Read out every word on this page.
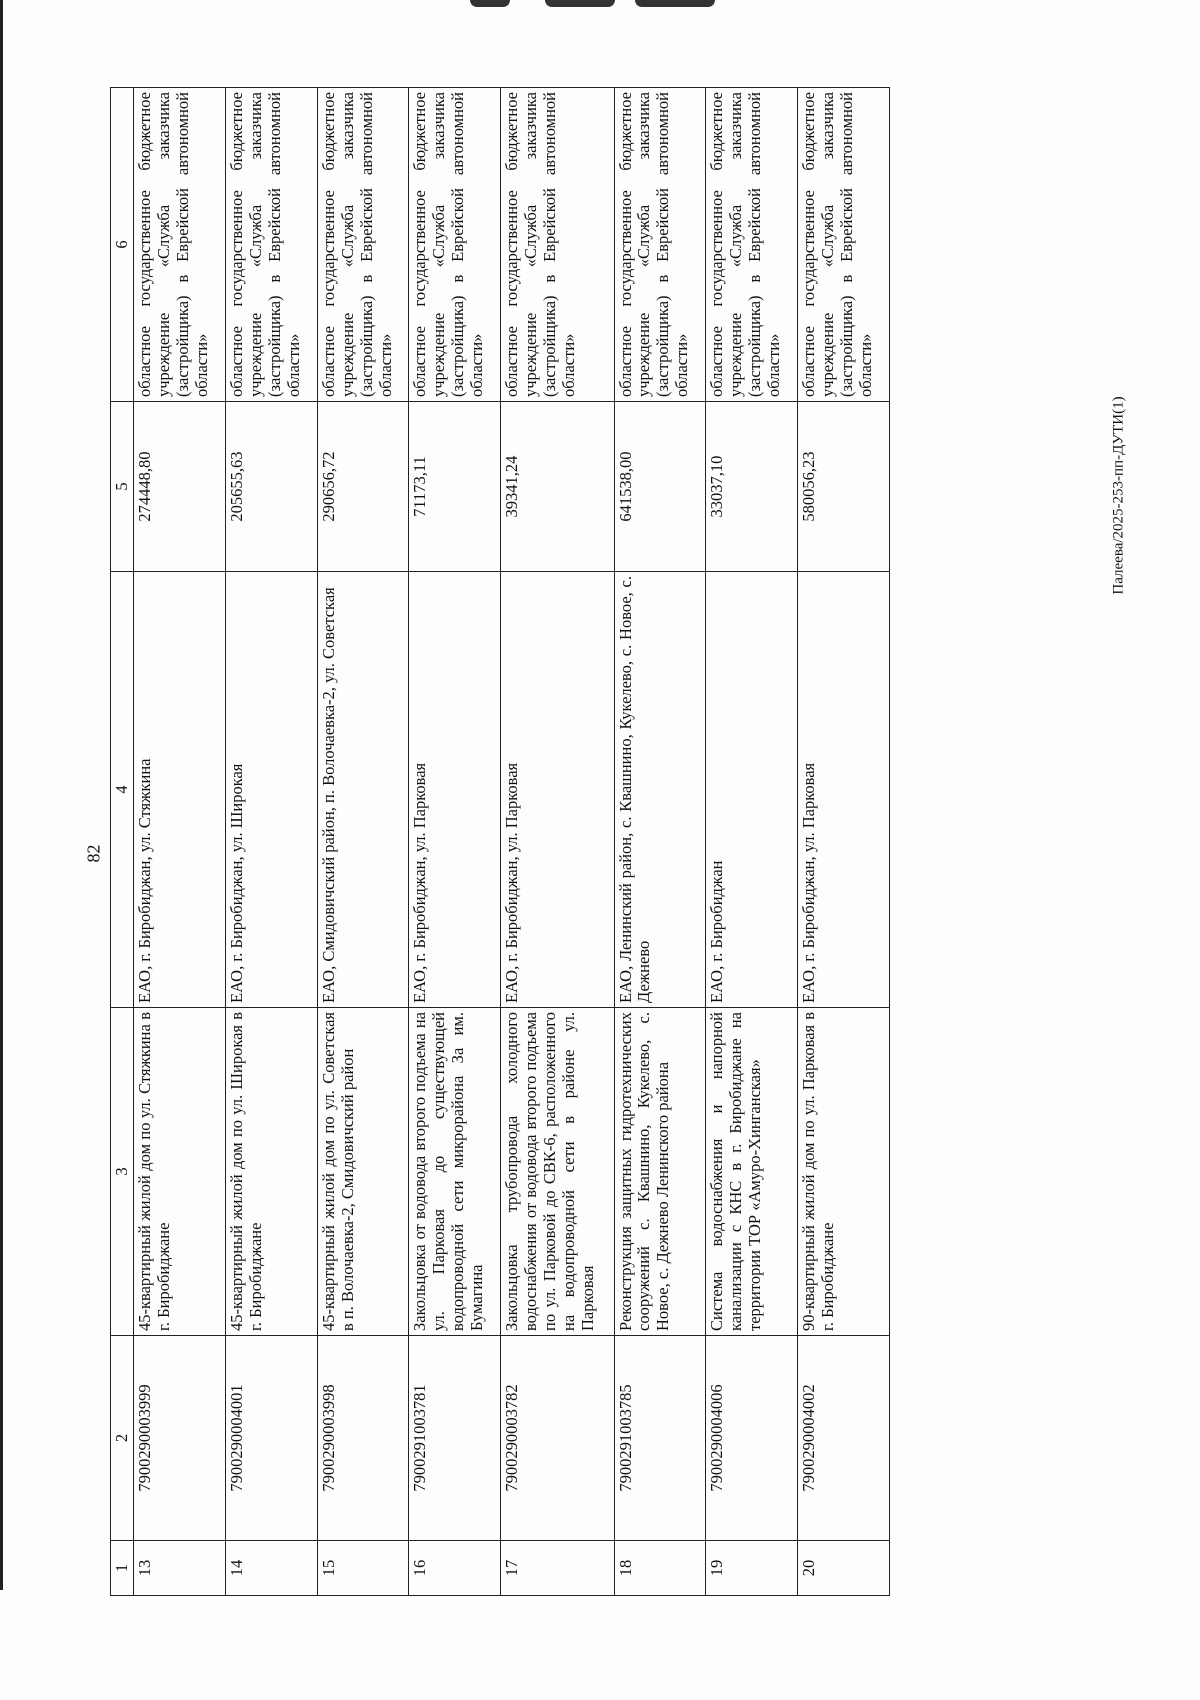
82
Палеева/2025-253-пп-ДУТИ(1)
1	2	3	4	5	6
13	7900290003999	45-квартирный жилой дом по ул. Стяжкина в г. Биробиджане	ЕАО, г. Биробиджан, ул. Стяжкина	274448,80	областное государственное бюджетное учреждение «Служба заказчика (застройщика) в Еврейской автономной области»
14	7900290004001	45-квартирный жилой дом по ул. Широкая в г. Биробиджане	ЕАО, г. Биробиджан, ул. Широкая	205655,63	областное государственное бюджетное учреждение «Служба заказчика (застройщика) в Еврейской автономной области»
15	7900290003998	45-квартирный жилой дом по ул. Советская в п. Волочаевка-2, Смидовичский район	ЕАО, Смидовичский район, п. Волочаевка-2, ул. Советская	290656,72	областное государственное бюджетное учреждение «Служба заказчика (застройщика) в Еврейской автономной области»
16	7900291003781	Закольцовка от водовода второго подъема на ул. Парковая до существующей водопроводной сети микрорайона За им. Бумагина	ЕАО, г. Биробиджан, ул. Парковая	71173,11	областное государственное бюджетное учреждение «Служба заказчика (застройщика) в Еврейской автономной области»
17	7900290003782	Закольцовка трубопровода холодного водоснабжения от водовода второго подъема по ул. Парковой до СВК-6, расположенного на водопроводной сети в районе ул. Парковая	ЕАО, г. Биробиджан, ул. Парковая	39341,24	областное государственное бюджетное учреждение «Служба заказчика (застройщика) в Еврейской автономной области»
18	7900291003785	Реконструкция защитных гидротехнических сооружений с. Квашнино, Кукелево, с. Новое, с. Дежнево Ленинского района	ЕАО, Ленинский район, с. Квашнино, Кукелево, с. Новое, с. Дежнево	641538,00	областное государственное бюджетное учреждение «Служба заказчика (застройщика) в Еврейской автономной области»
19	7900290004006	Система водоснабжения и напорной канализации с КНС в г. Биробиджане на территории ТОР «Амуро-Хинганская»	ЕАО, г. Биробиджан	33037,10	областное государственное бюджетное учреждение «Служба заказчика (застройщика) в Еврейской автономной области»
20	7900290004002	90-квартирный жилой дом по ул. Парковая в г. Биробиджане	ЕАО, г. Биробиджан, ул. Парковая	580056,23	областное государственное бюджетное учреждение «Служба заказчика (застройщика) в Еврейской автономной области»
